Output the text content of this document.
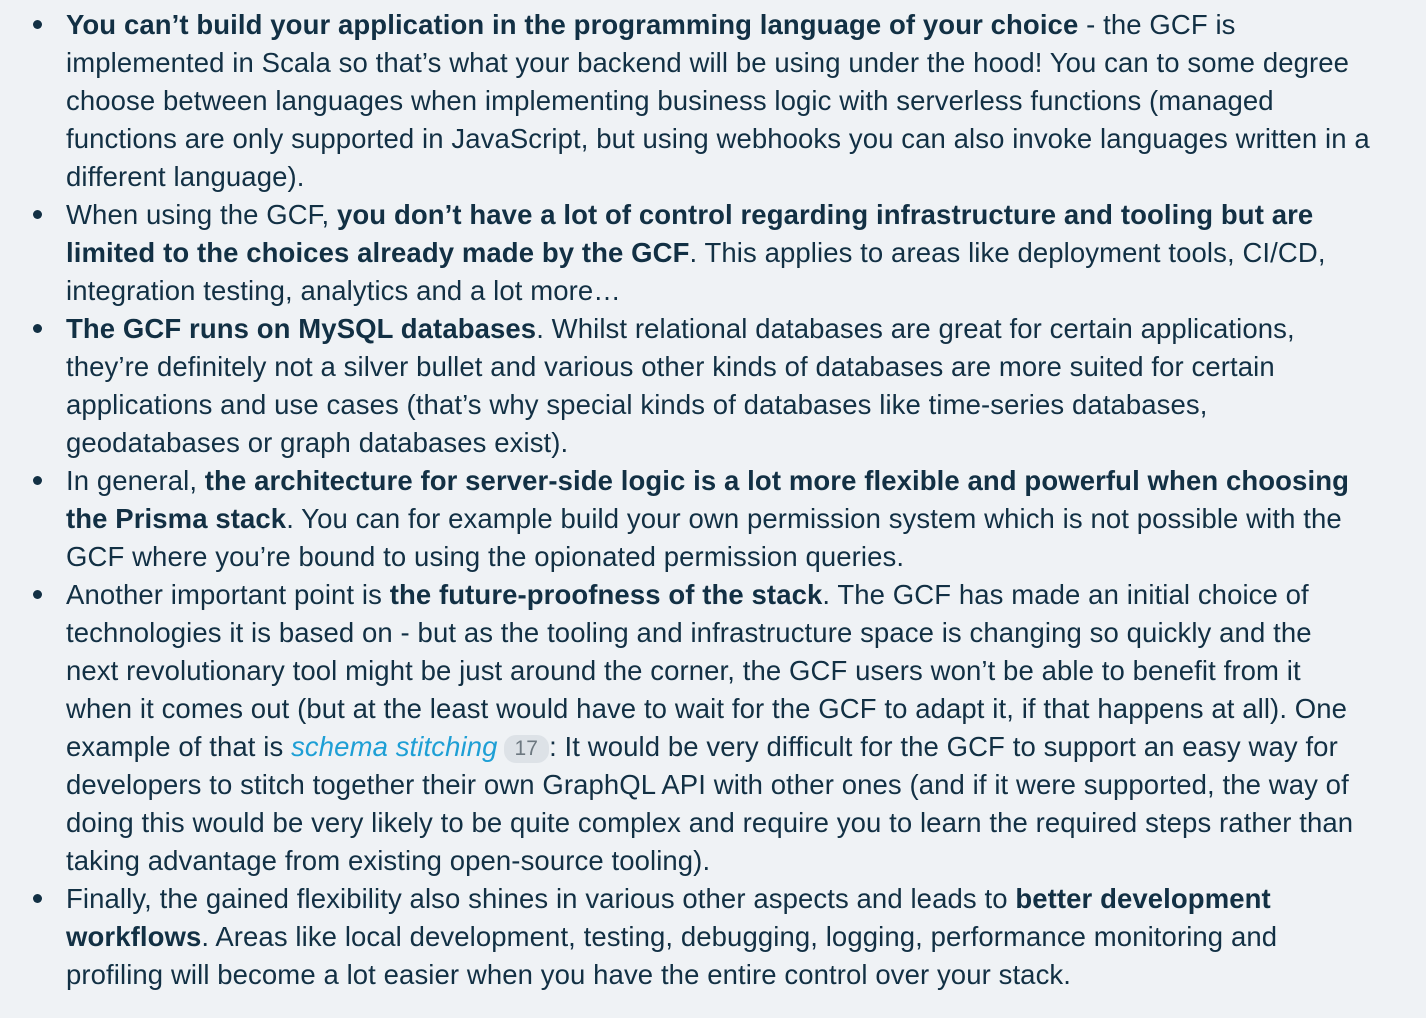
You can’t build your application in the programming language of your choice - the GCF is implemented in Scala so that’s what your backend will be using under the hood! You can to some degree choose between languages when implementing business logic with serverless functions (managed functions are only supported in JavaScript, but using webhooks you can also invoke languages written in a different language).
When using the GCF, you don’t have a lot of control regarding infrastructure and tooling but are limited to the choices already made by the GCF. This applies to areas like deployment tools, CI/CD, integration testing, analytics and a lot more…
The GCF runs on MySQL databases. Whilst relational databases are great for certain applications, they’re definitely not a silver bullet and various other kinds of databases are more suited for certain applications and use cases (that’s why special kinds of databases like time-series databases, geodatabases or graph databases exist).
In general, the architecture for server-side logic is a lot more flexible and powerful when choosing the Prisma stack. You can for example build your own permission system which is not possible with the GCF where you’re bound to using the opionated permission queries.
Another important point is the future-proofness of the stack. The GCF has made an initial choice of technologies it is based on - but as the tooling and infrastructure space is changing so quickly and the next revolutionary tool might be just around the corner, the GCF users won’t be able to benefit from it when it comes out (but at the least would have to wait for the GCF to adapt it, if that happens at all). One example of that is schema stitching 17 : It would be very difficult for the GCF to support an easy way for developers to stitch together their own GraphQL API with other ones (and if it were supported, the way of doing this would be very likely to be quite complex and require you to learn the required steps rather than taking advantage from existing open-source tooling).
Finally, the gained flexibility also shines in various other aspects and leads to better development workflows. Areas like local development, testing, debugging, logging, performance monitoring and profiling will become a lot easier when you have the entire control over your stack.
